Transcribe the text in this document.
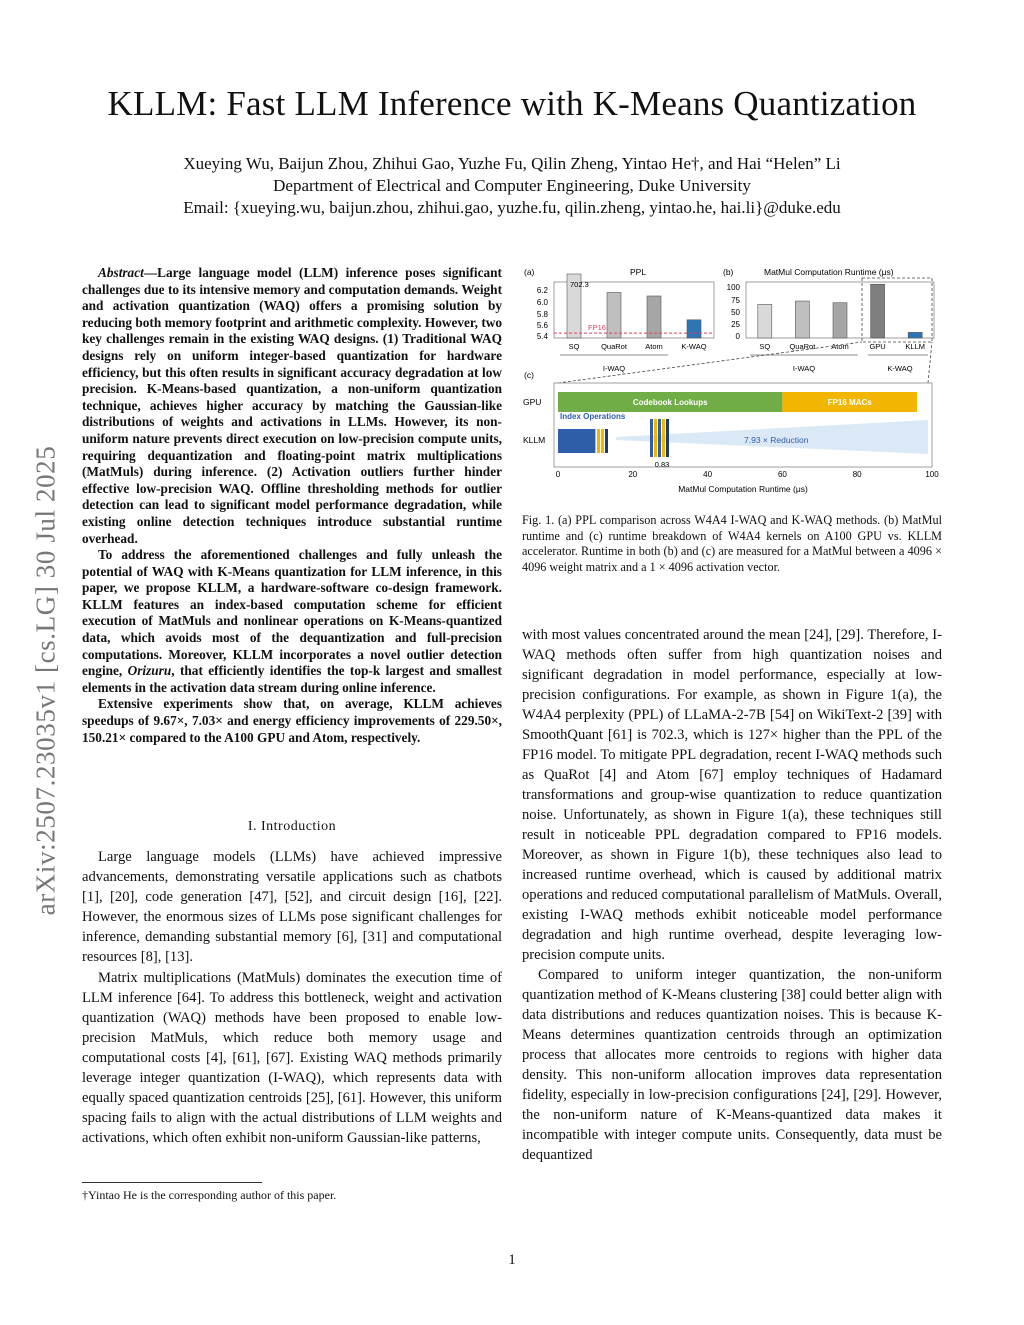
KLLM: Fast LLM Inference with K-Means Quantization
Xueying Wu, Baijun Zhou, Zhihui Gao, Yuzhe Fu, Qilin Zheng, Yintao He†, and Hai “Helen” Li
Department of Electrical and Computer Engineering, Duke University
Email: {xueying.wu, baijun.zhou, zhihui.gao, yuzhe.fu, qilin.zheng, yintao.he, hai.li}@duke.edu
arXiv:2507.23035v1 [cs.LG] 30 Jul 2025

Abstract—Large language model (LLM) inference poses significant challenges due to its intensive memory and computation demands. Weight and activation quantization (WAQ) offers a promising solution by reducing both memory footprint and arithmetic complexity. However, two key challenges remain in the existing WAQ designs. (1) Traditional WAQ designs rely on uniform integer-based quantization for hardware efficiency, but this often results in significant accuracy degradation at low precision. K-Means-based quantization, a non-uniform quantization technique, achieves higher accuracy by matching the Gaussian-like distributions of weights and activations in LLMs. However, its non-uniform nature prevents direct execution on low-precision compute units, requiring dequantization and floating-point matrix multiplications (MatMuls) during inference. (2) Activation outliers further hinder effective low-precision WAQ. Offline thresholding methods for outlier detection can lead to significant model performance degradation, while existing online detection techniques introduce substantial runtime overhead.

To address the aforementioned challenges and fully unleash the potential of WAQ with K-Means quantization for LLM inference, in this paper, we propose KLLM, a hardware-software co-design framework. KLLM features an index-based computation scheme for efficient execution of MatMuls and nonlinear operations on K-Means-quantized data, which avoids most of the dequantization and full-precision computations. Moreover, KLLM incorporates a novel outlier detection engine, Orizuru, that efficiently identifies the top-k largest and smallest elements in the activation data stream during online inference.

Extensive experiments show that, on average, KLLM achieves speedups of 9.67×, 7.03× and energy efficiency improvements of 229.50×, 150.21× compared to the A100 GPU and Atom, respectively.

I. Introduction

Large language models (LLMs) have achieved impressive advancements, demonstrating versatile applications such as chatbots [1], [20], code generation [47], [52], and circuit design [16], [22]. However, the enormous sizes of LLMs pose significant challenges for inference, demanding substantial memory [6], [31] and computational resources [8], [13].

Matrix multiplications (MatMuls) dominates the execution time of LLM inference [64]. To address this bottleneck, weight and activation quantization (WAQ) methods have been proposed to enable low-precision MatMuls, which reduce both memory usage and computational costs [4], [61], [67]. Existing WAQ methods primarily leverage integer quantization (I-WAQ), which represents data with equally spaced quantization centroids [25], [61]. However, this uniform spacing fails to align with the actual distributions of LLM weights and activations, which often exhibit non-uniform Gaussian-like patterns,

†Yintao He is the corresponding author of this paper.
1
(a)	PPL
6.2
6.0
5.8
5.6
5.4
702.3
FP16
SQ	QuaRot Atom K-WAQ
I-WAQ
(b)	MatMul Computation Runtime (μs)
100
75
50
25
0
SQ	QuaRot Atom	GPU	KLLM
I-WAQ	K-WAQ
(c)
GPU
KLLM
Codebook Lookups	FP16 MACs
Index Operations
7.93 × Reduction
0.83
0	20	40	60	80	100
MatMul Computation Runtime (μs)
Fig. 1. (a) PPL comparison across W4A4 I-WAQ and K-WAQ methods. (b) MatMul runtime and (c) runtime breakdown of W4A4 kernels on A100 GPU vs. KLLM accelerator. Runtime in both (b) and (c) are measured for a MatMul between a 4096 × 4096 weight matrix and a 1 × 4096 activation vector.

with most values concentrated around the mean [24], [29]. Therefore, I-WAQ methods often suffer from high quantization noises and significant degradation in model performance, especially at low-precision configurations. For example, as shown in Figure 1(a), the W4A4 perplexity (PPL) of LLaMA-2-7B [54] on WikiText-2 [39] with SmoothQuant [61] is 702.3, which is 127× higher than the PPL of the FP16 model. To mitigate PPL degradation, recent I-WAQ methods such as QuaRot [4] and Atom [67] employ techniques of Hadamard transformations and group-wise quantization to reduce quantization noise. Unfortunately, as shown in Figure 1(a), these techniques still result in noticeable PPL degradation compared to FP16 models. Moreover, as shown in Figure 1(b), these techniques also lead to increased runtime overhead, which is caused by additional matrix operations and reduced computational parallelism of MatMuls. Overall, existing I-WAQ methods exhibit noticeable model performance degradation and high runtime overhead, despite leveraging low-precision compute units.

Compared to uniform integer quantization, the non-uniform quantization method of K-Means clustering [38] could better align with data distributions and reduces quantization noises. This is because K-Means determines quantization centroids through an optimization process that allocates more centroids to regions with higher data density. This non-uniform allocation improves data representation fidelity, especially in low-precision configurations [24], [29]. However, the non-uniform nature of K-Means-quantized data makes it incompatible with integer compute units. Consequently, data must be dequantized
